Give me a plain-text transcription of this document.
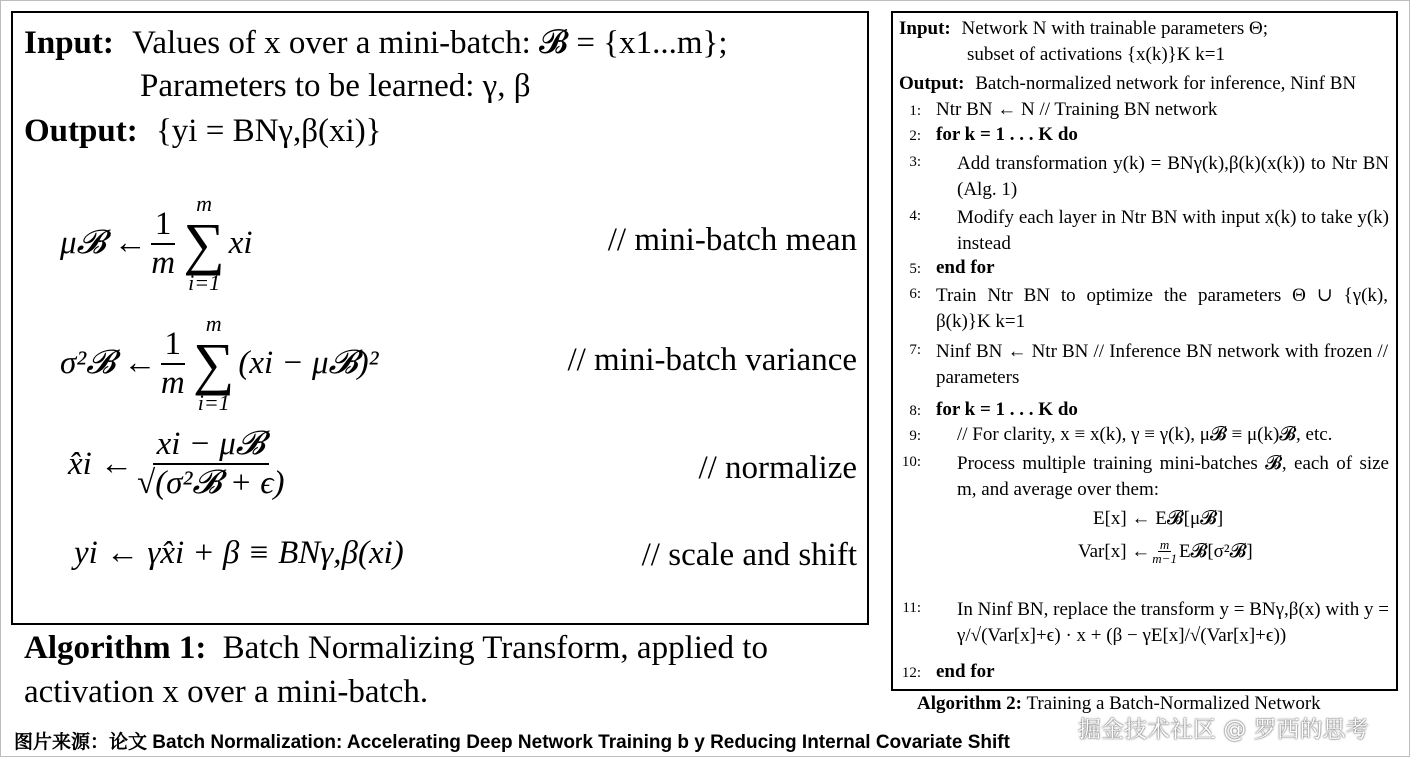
Input: Values of x over a mini-batch: 𝓑 = {x1...m};
Parameters to be learned: γ, β
Output: {yi = BNγ,β(xi)}
μ𝓑 ← $\frac{1}{m}$
m
∑
i=1
xi	// mini-batch mean
σ²𝓑 ← $\frac{1}{m}$
m
∑
i=1
(xi − μ𝓑)²	// mini-batch variance
x̂i ← $\frac{\text{xi − μ𝓑}}{\text{√(σ²𝓑 + ϵ)}}$	// normalize
yi ← γx̂i + β ≡ BNγ,β(xi)	// scale and shift
Algorithm 1: Batch Normalizing Transform, applied to
activation x over a mini-batch.
Input: Network N with trainable parameters Θ;
subset of activations {x(k)}K k=1
Output: Batch-normalized network for inference, Ninf BN
1: Ntr BN ← N // Training BN network
2: for k = 1 . . . K do
3: Add transformation y(k) = BNγ(k),β(k)(x(k)) to Ntr BN (Alg. 1)
4: Modify each layer in Ntr BN with input x(k) to take y(k) instead
5: end for
6: Train Ntr BN to optimize the parameters Θ ∪ {γ(k), β(k)}K k=1
7: Ninf BN ← Ntr BN // Inference BN network with frozen // parameters
8: for k = 1 . . . K do
9: // For clarity, x ≡ x(k), γ ≡ γ(k), μ𝓑 ≡ μ(k)𝓑, etc.
10: Process multiple training mini-batches 𝓑, each of size m, and average over them:
11: In Ninf BN, replace the transform y = BNγ,β(x) with y = γ/√(Var[x]+ϵ) · x + (β − γE[x]/√(Var[x]+ϵ))
12: end for
E[x] ← E𝓑[μ𝓑]
Var[x] ← $\frac{m}{m-1}$ E𝓑[σ²𝓑]
Algorithm 2: Training a Batch-Normalized Network
图片来源：论文 Batch Normalization: Accelerating Deep Network Training b y Reducing Internal Covariate Shift	掘金技术社区 @ 罗西的思考
